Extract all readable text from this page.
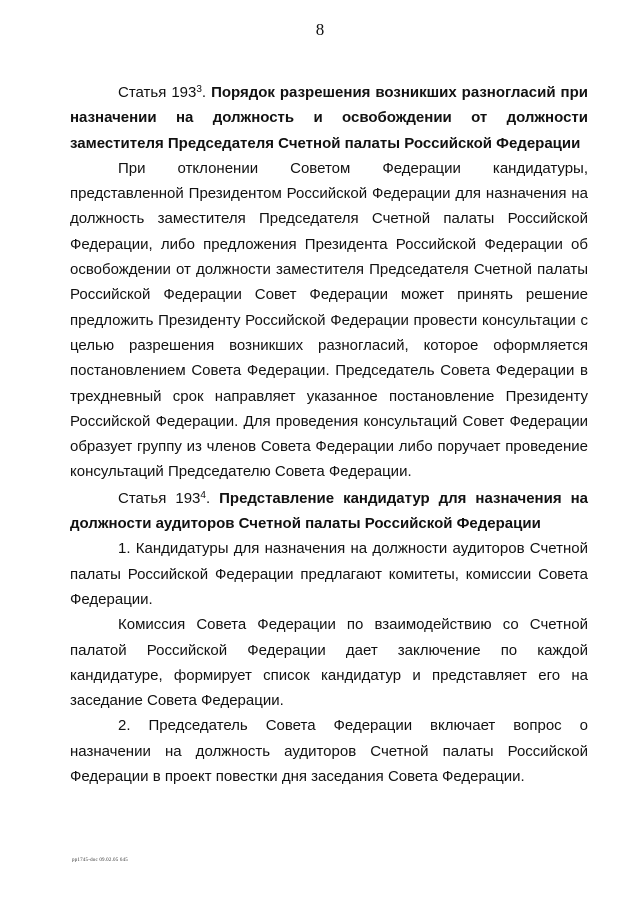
8

Статья $193^3$. Порядок разрешения возникших разногласий при назначении на должность и освобождении от должности заместителя Председателя Счетной палаты Российской Федерации

При отклонении Советом Федерации кандидатуры, представленной Президентом Российской Федерации для назначения на должность заместителя Председателя Счетной палаты Российской Федерации, либо предложения Президента Российской Федерации об освобождении от должности заместителя Председателя Счетной палаты Российской Федерации Совет Федерации может принять решение предложить Президенту Российской Федерации провести консультации с целью разрешения возникших разногласий, которое оформляется постановлением Совета Федерации. Председатель Совета Федерации в трехдневный срок направляет указанное постановление Президенту Российской Федерации. Для проведения консультаций Совет Федерации образует группу из членов Совета Федерации либо поручает проведение консультаций Председателю Совета Федерации.

Статья $193^4$. Представление кандидатур для назначения на должности аудиторов Счетной палаты Российской Федерации

1. Кандидатуры для назначения на должности аудиторов Счетной палаты Российской Федерации предлагают комитеты, комиссии Совета Федерации.

Комиссия Совета Федерации по взаимодействию со Счетной палатой Российской Федерации дает заключение по каждой кандидатуре, формирует список кандидатур и представляет его на заседание Совета Федерации.

2. Председатель Совета Федерации включает вопрос о назначении на должность аудиторов Счетной палаты Российской Федерации в проект повестки дня заседания Совета Федерации.

pp1745-doc 09.02.05 645
